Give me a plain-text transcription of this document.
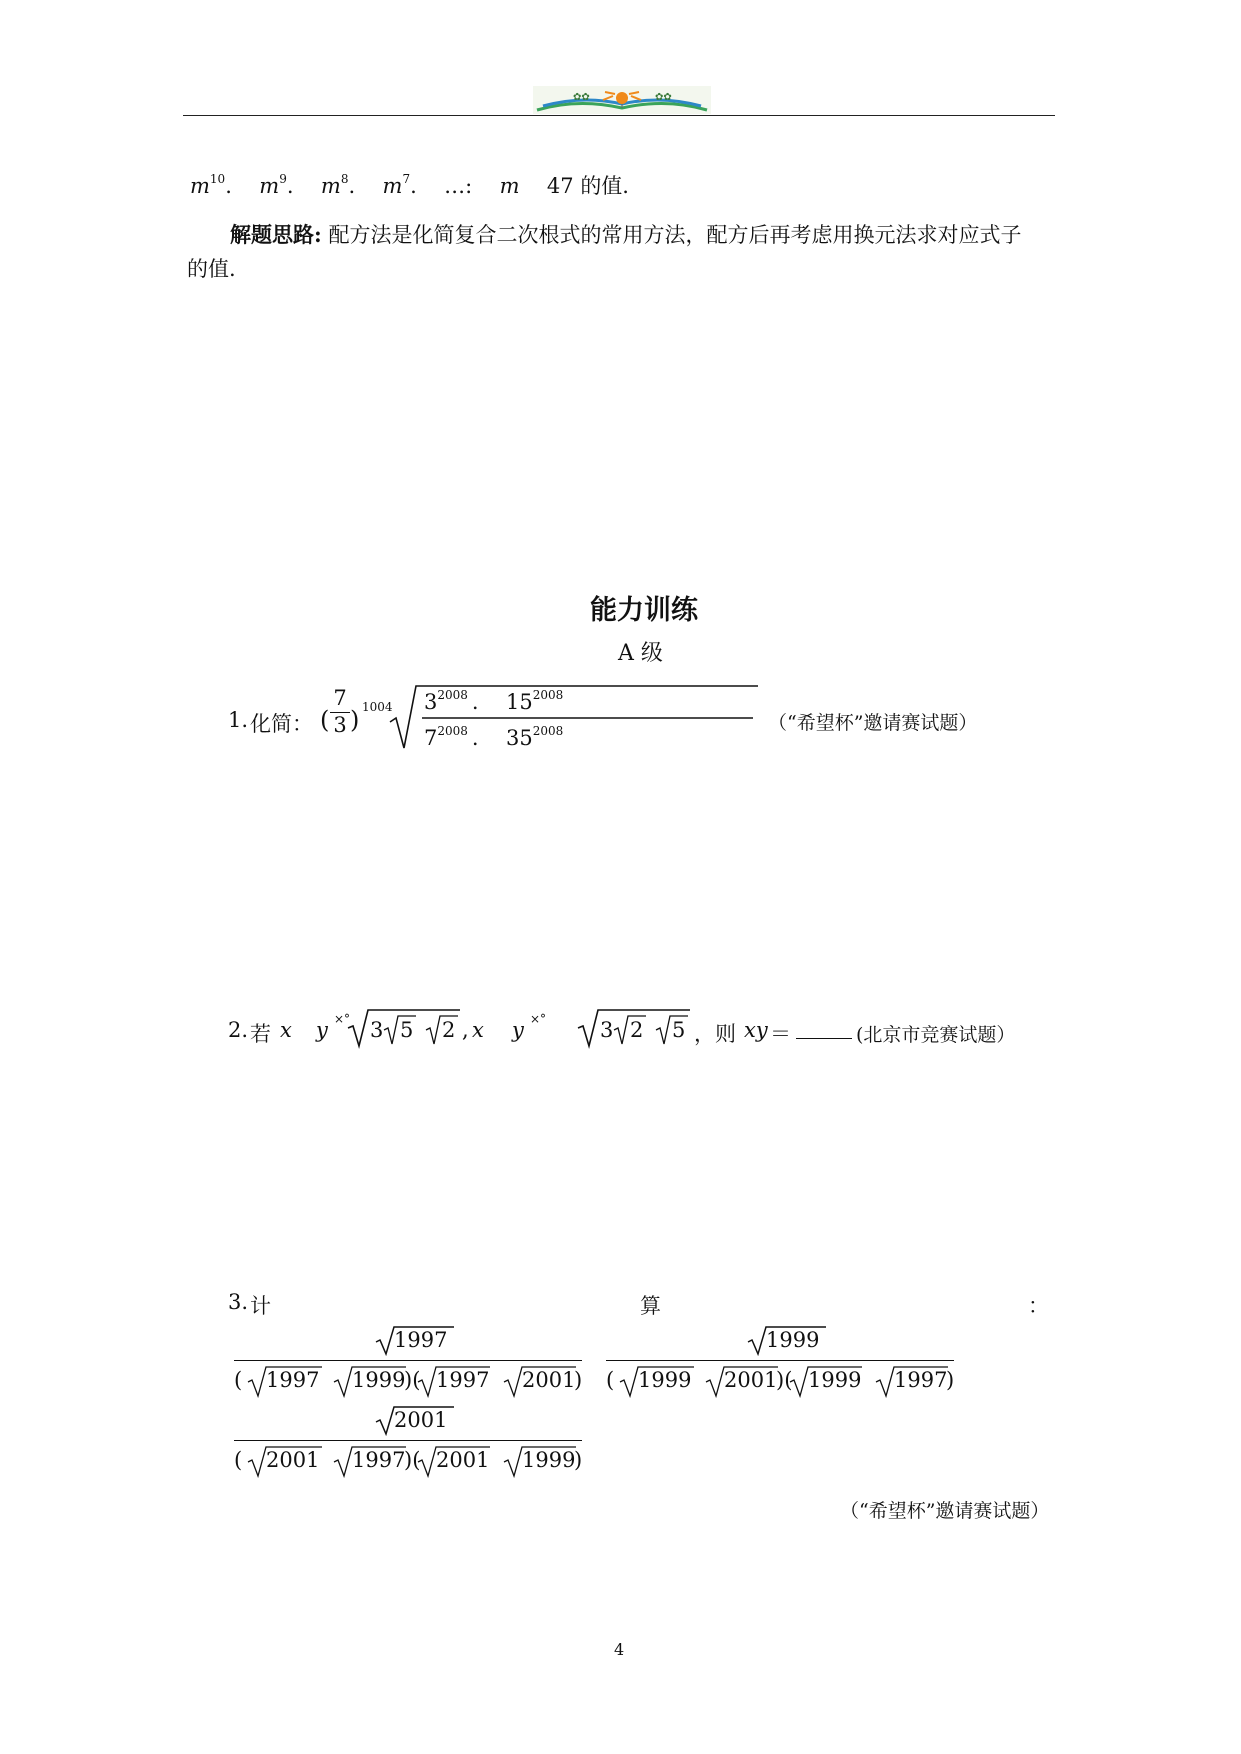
✿✿	✿✿
$m^{10}$. $m^9$. $m^8$. $m^7$. …: m 47 的值.
解题思路: 配方法是化简复合二次根式的常用方法，配方后再考虑用换元法求对应式子
的值.
能力训练
A 级
1. 化简： (
7
3 ) 1004 $3^{2008}$ . $15^{2008}$
$7^{2008}$ . $35^{2008}$	（“希望杯”邀请赛试题）
2. 若 x y ×° 3 5 2 , x y ×°	3 2 5 ，则 xy ＝	(北京市竞赛试题）
3. 计	算	：
1997
( 1997 1999
)( 1997 2001
)
1999
( 1999 2001
)( 1999 1997
)
2001
( 2001 1997
)( 2001 1999
)
（“希望杯”邀请赛试题）
4
